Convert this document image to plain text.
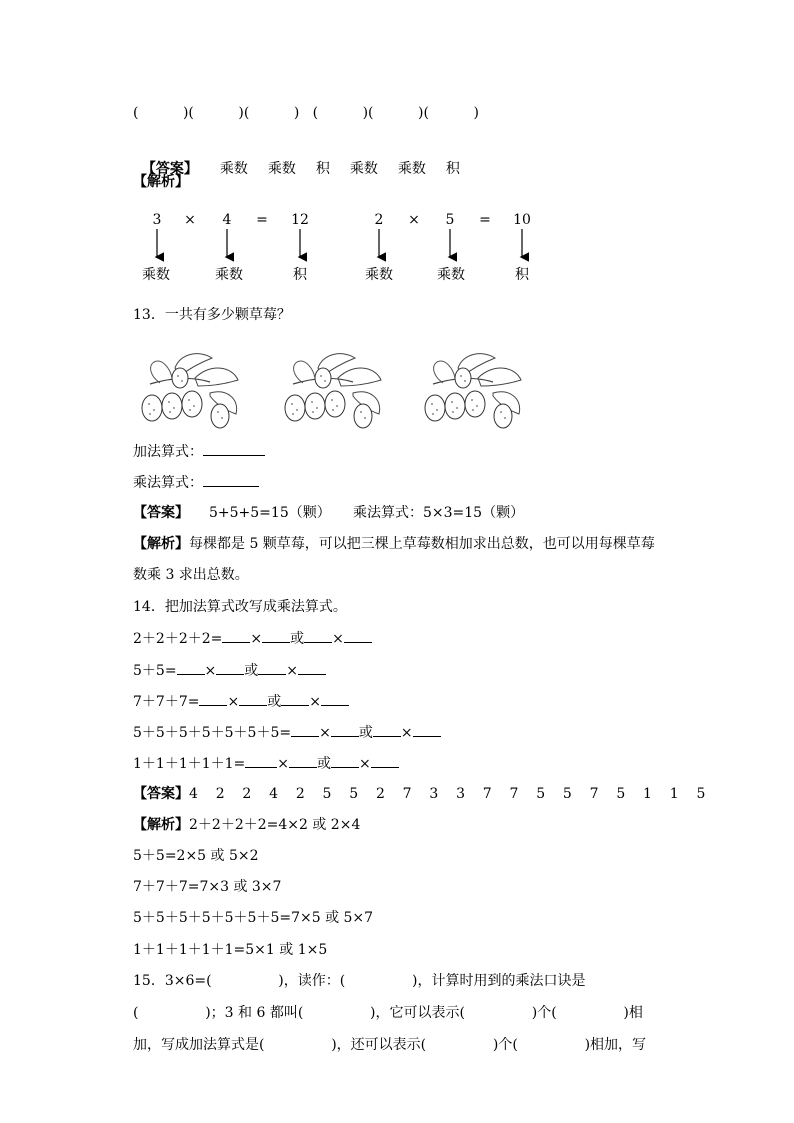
(          )(          )(          )   (          )(          )(          )

【答案】 乘数 乘数 积 乘数 乘数 积

【解析】
3 × 4 = 12	2 × 5 = 10
乘数	乘数	积	乘数	乘数	积
13．一共有多少颗草莓？
加法算式：
乘法算式：
【答案】 5+5+5=15（颗）     乘法算式：5×3=15（颗）
【解析】每棵都是 5 颗草莓，可以把三棵上草莓数相加求出总数，也可以用每棵草莓
数乘 3 求出总数。
14．把加法算式改写成乘法算式。
2＋2＋2＋2= × 或 ×
5＋5= × 或 ×
7＋7＋7= × 或 ×
5＋5＋5＋5＋5＋5＋5= × 或 ×
1＋1＋1＋1＋1= × 或 ×
【答案】4    2    2    4    2    5    5    2    7    3    3    7    7    5    5    7    5    1    1    5
【解析】2＋2＋2＋2=4×2 或 2×4
5＋5=2×5 或 5×2
7＋7＋7=7×3 或 3×7
5＋5＋5＋5＋5＋5＋5=7×5 或 5×7
1＋1＋1＋1＋1=5×1 或 1×5
15．3×6=(               )，读作：(               )，计算时用到的乘法口诀是
(               )；3 和 6 都叫(               )，它可以表示(               )个(               )相
加，写成加法算式是(               )，还可以表示(               )个(               )相加，写
